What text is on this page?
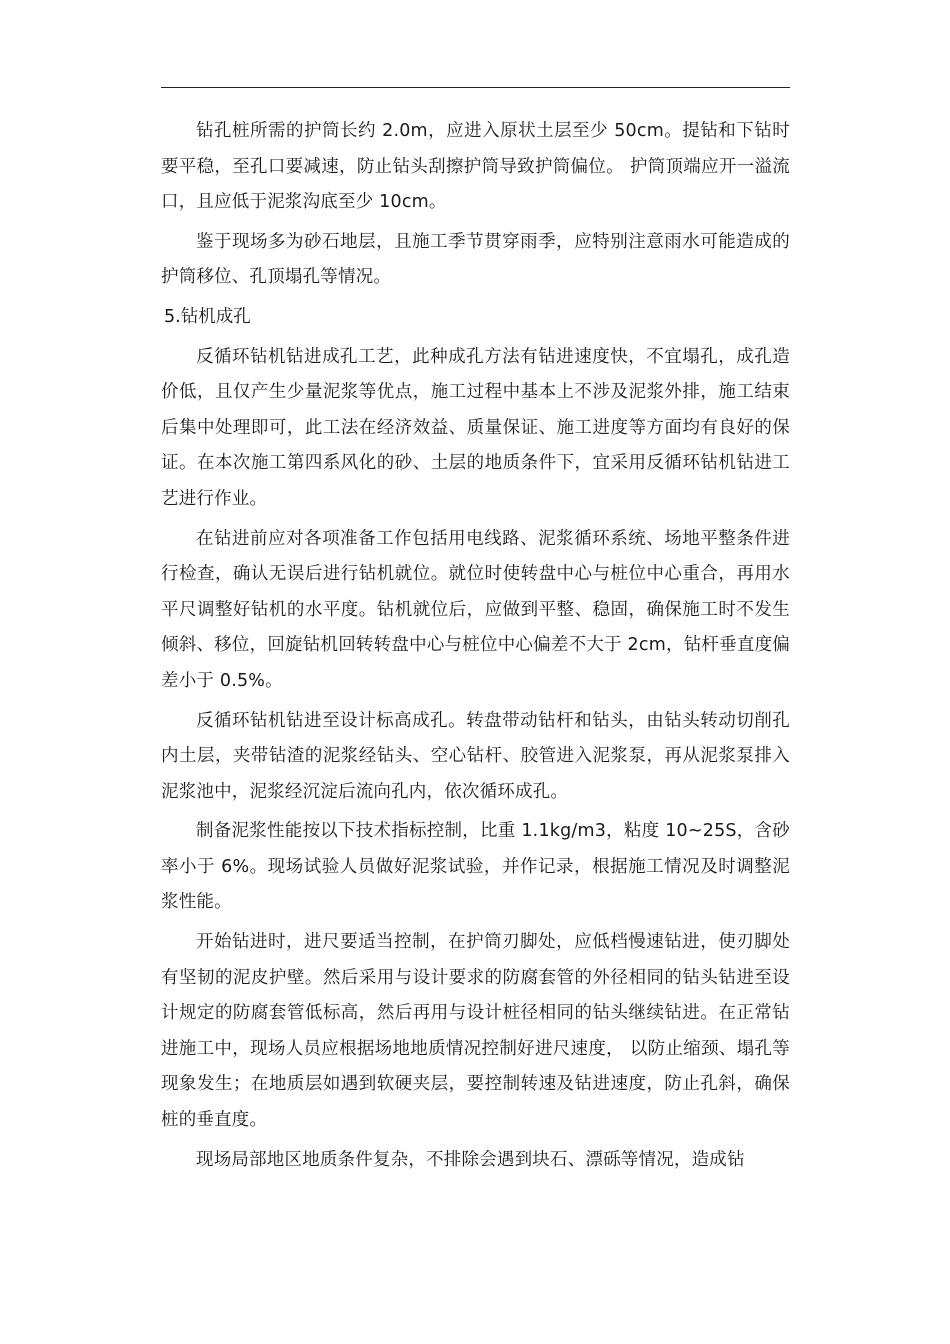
钻孔桩所需的护筒长约 2.0m，应进入原状土层至少 50cm。提钻和下钻时要平稳，至孔口要减速，防止钻头刮擦护筒导致护筒偏位。 护筒顶端应开一溢流口，且应低于泥浆沟底至少 10cm。

鉴于现场多为砂石地层，且施工季节贯穿雨季，应特别注意雨水可能造成的护筒移位、孔顶塌孔等情况。

5.钻机成孔

反循环钻机钻进成孔工艺，此种成孔方法有钻进速度快，不宜塌孔，成孔造价低，且仅产生少量泥浆等优点，施工过程中基本上不涉及泥浆外排，施工结束后集中处理即可，此工法在经济效益、质量保证、施工进度等方面均有良好的保证。在本次施工第四系风化的砂、土层的地质条件下，宜采用反循环钻机钻进工艺进行作业。

在钻进前应对各项准备工作包括用电线路、泥浆循环系统、场地平整条件进行检查，确认无误后进行钻机就位。就位时使转盘中心与桩位中心重合，再用水平尺调整好钻机的水平度。钻机就位后，应做到平整、稳固，确保施工时不发生倾斜、移位，回旋钻机回转转盘中心与桩位中心偏差不大于 2cm，钻杆垂直度偏差小于 0.5%。

反循环钻机钻进至设计标高成孔。转盘带动钻杆和钻头，由钻头转动切削孔内土层，夹带钻渣的泥浆经钻头、空心钻杆、胶管进入泥浆泵，再从泥浆泵排入泥浆池中，泥浆经沉淀后流向孔内，依次循环成孔。

制备泥浆性能按以下技术指标控制，比重 1.1kg/m3，粘度 10~25S，含砂率小于 6%。现场试验人员做好泥浆试验，并作记录，根据施工情况及时调整泥浆性能。

开始钻进时，进尺要适当控制，在护筒刃脚处，应低档慢速钻进，使刃脚处有坚韧的泥皮护壁。然后采用与设计要求的防腐套管的外径相同的钻头钻进至设计规定的防腐套管低标高，然后再用与设计桩径相同的钻头继续钻进。在正常钻进施工中，现场人员应根据场地地质情况控制好进尺速度， 以防止缩颈、塌孔等现象发生；在地质层如遇到软硬夹层，要控制转速及钻进速度，防止孔斜，确保桩的垂直度。

现场局部地区地质条件复杂，不排除会遇到块石、漂砾等情况，造成钻
